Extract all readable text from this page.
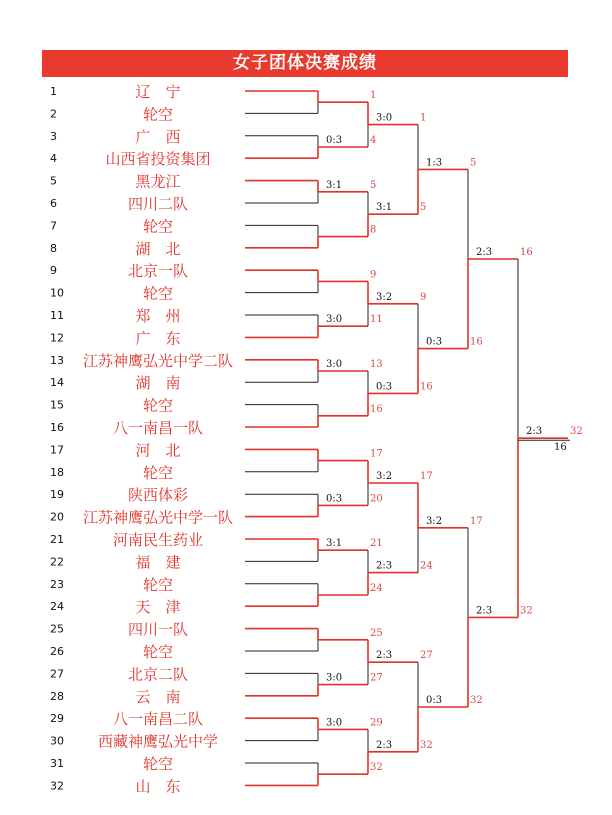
女子团体决赛成绩
1	辽　宁
2	轮空
3	广　西
4	山西省投资集团
5	黑龙江
6	四川二队
7	轮空
8	湖　北
9	北京一队
10	轮空
11	郑　州
12	广　东
13 江苏神鹰弘光中学二队
14	湖　南
15	轮空
16	八一南昌一队
17	河　北
18	轮空
19	陕西体彩
20 江苏神鹰弘光中学一队
21	河南民生药业
22	福　建
23	轮空
24	天　津
25	四川一队
26	轮空
27	北京二队
28	云　南
29	八一南昌二队
30 西藏神鹰弘光中学
31	轮空
32	山　东
1
0:3	4
3:1	5
8
9
3:0	11
3:0	13
16
17
0:3	20
3:1	21
24
25
3:0	27
3:0	29
32
3:0	1
3:1	5
3:2	9
0:3	16
3:2	17
2:3	24
2:3	27
2:3	32
1:3	5
0:3	16
3:2	17
0:3	32
2:3	16
2:3	32
2:3	32
16
